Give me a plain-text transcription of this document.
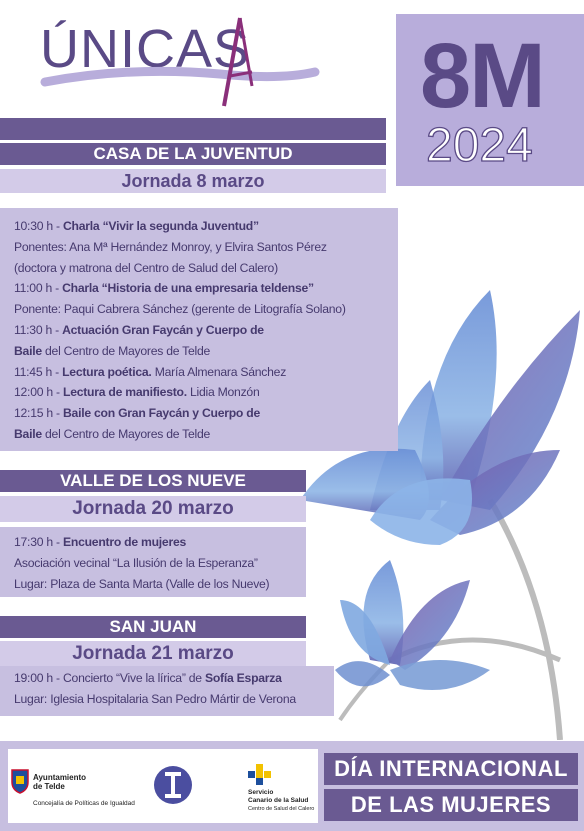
ÚNICAS 8M
2024
CASA DE LA JUVENTUD
Jornada 8 marzo
10:30 h - Charla “Vivir la segunda Juventud”
Ponentes: Ana Mª Hernández Monroy, y Elvira Santos Pérez
(doctora y matrona del Centro de Salud del Calero)
11:00 h - Charla “Historia de una empresaria teldense”
Ponente: Paqui Cabrera Sánchez (gerente de Litografía Solano)
11:30 h - Actuación Gran Faycán y Cuerpo de
Baile del Centro de Mayores de Telde
11:45 h - Lectura poética. María Almenara Sánchez
12:00 h - Lectura de manifiesto. Lidia Monzón
12:15 h - Baile con Gran Faycán y Cuerpo de
Baile del Centro de Mayores de Telde
VALLE DE LOS NUEVE
Jornada 20 marzo
17:30 h - Encuentro de mujeres
Asociación vecinal “La Ilusión de la Esperanza”
Lugar: Plaza de Santa Marta (Valle de los Nueve)
SAN JUAN
Jornada 21 marzo
19:00 h - Concierto “Vive la lírica” de Sofía Esparza
Lugar: Iglesia Hospitalaria San Pedro Mártir de Verona
Ayuntamiento
de Telde
Concejalía de Políticas de Igualdad
Servicio
Canario de la Salud
Centro de Salud del Calero
DÍA INTERNACIONAL
DE LAS MUJERES
